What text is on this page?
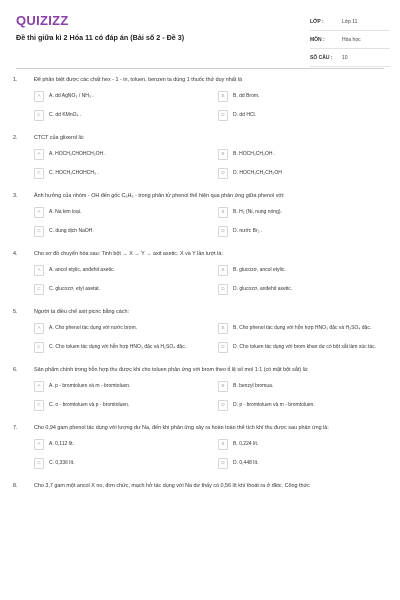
QUIZIZZ
Đề thi giữa kì 2 Hóa 11 có đáp án (Bài số 2 - Đề 3)
LỚP :	Lớp 11
MÔN :	Hóa học
SỐ CÂU :	10
1.	Để phân biệt được các chất hex - 1 - in, toluen, benzen ta dùng 1 thuốc thử duy nhất là
A	A. dd AgNO₃ / NH₃ .	B	B. dd Brom.
C	C. dd KMnO₄ .	D	D. dd HCl.
2.	CTCT của glixerol là:
A	A. HOCH₂CHOHCH₂OH .	B	B. HOCH₂CH₂OH .
C	C. HOCH₂CHOHCH₃ .	D	D. HOCH₂CH₂CH₂OH
3.	Ảnh hưởng của nhóm - OH đến gốc C₆H₅ - trong phân tử phenol thể hiện qua phản ứng giữa phenol với:
A	A. Na kim loại.	B	B. H₂ (Ni, nung nóng).
C	C. dung dịch NaOH.	D	D. nước Br₂ .
4.	Cho sơ đồ chuyển hóa sau: Tinh bột → X → Y → axit axetic. X và Y lần lượt là:
A	A. ancol etylic, anđehit axetic.	B	B. glucozơ, ancol etylic.
C	C. glucozơ, etyl axetat.	D	D. glucozơ, anđehit axetic.
5.	Người ta điều chế axit picric bằng cách:
A	A. Cho phenol tác dụng với nước brom.	B	B. Cho phenol tác dụng với hỗn hợp HNO₃ đặc và H₂SO₄ đặc.
C	C. Cho toluen tác dụng với hỗn hợp HNO₃ đặc và H₂SO₄ đặc.	D	D. Cho toluen tác dụng với brom khan dư có bột sắt làm xúc tác.
6.	Sản phẩm chính trong hỗn hợp thu được khi cho toluen phản ứng với brom theo tỉ lệ số mol 1:1 (có mặt bột sắt) là:
A	A. p - bromtoluen và m - bromtoluen.	B	B. benzyl bromua.
C	C. o - bromtoluen và p - bromtoluen.	D	D. p - bromtoluen và m - bromtoluen.
7.	Cho 0,94 gam phenol tác dụng với lượng dư Na, đến khi phản ứng xảy ra hoàn toàn thể tích khí thu được sau phản ứng là:
A	A. 0,112 lít.	B	B. 0,224 lít.
C	C. 0,336 lít.	D	D. 0,448 lít.
8.	Cho 3,7 gam một ancol X no, đơn chức, mạch hở tác dụng với Na dư thấy có 0,56 lít khí thoát ra ở đktc. Công thức
